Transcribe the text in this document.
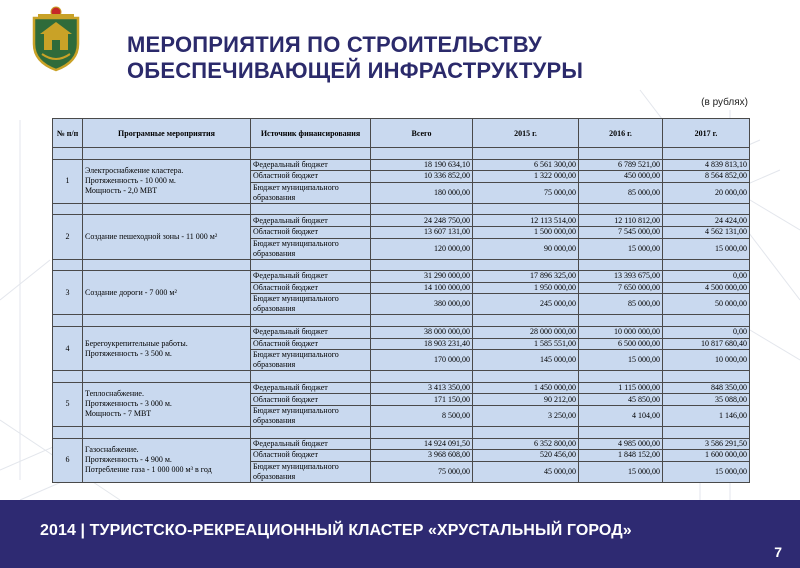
МЕРОПРИЯТИЯ ПО СТРОИТЕЛЬСТВУ
ОБЕСПЕЧИВАЮЩЕЙ ИНФРАСТРУКТУРЫ
(в рублях)
№ п/п	Програмные мероприятия	Источник финансирования	Всего	2015 г.	2016 г.	2017 г.

1	Электроснабжение кластера.
Протяженность - 10 000 м.
Мощность - 2,0 МВТ	Федеральный бюджет	18 190 634,10	6 561 300,00	6 789 521,00	4 839 813,10
		Областной бюджет	10 336 852,00	1 322 000,00	450 000,00	8 564 852,00
		Бюджет муниципального образования	180 000,00	75 000,00	85 000,00	20 000,00

2	Создание пешеходной зоны - 11 000 м²	Федеральный бюджет	24 248 750,00	12 113 514,00	12 110 812,00	24 424,00
		Областной бюджет	13 607 131,00	1 500 000,00	7 545 000,00	4 562 131,00
		Бюджет муниципального образования	120 000,00	90 000,00	15 000,00	15 000,00

3	Создание дороги - 7 000 м²	Федеральный бюджет	31 290 000,00	17 896 325,00	13 393 675,00	0,00
		Областной бюджет	14 100 000,00	1 950 000,00	7 650 000,00	4 500 000,00
		Бюджет муниципального образования	380 000,00	245 000,00	85 000,00	50 000,00

4	Берегоукрепительные работы.
Протяженность - 3 500 м.	Федеральный бюджет	38 000 000,00	28 000 000,00	10 000 000,00	0,00
		Областной бюджет	18 903 231,40	1 585 551,00	6 500 000,00	10 817 680,40
		Бюджет муниципального образования	170 000,00	145 000,00	15 000,00	10 000,00

5	Теплоснабжение.
Протяженность - 3 000 м.
Мощность - 7 МВТ	Федеральный бюджет	3 413 350,00	1 450 000,00	1 115 000,00	848 350,00
		Областной бюджет	171 150,00	90 212,00	45 850,00	35 088,00
		Бюджет муниципального образования	8 500,00	3 250,00	4 104,00	1 146,00

6	Газоснабжение.
Протяженность - 4 900 м.
Потребление газа - 1 000 000 м³ в год	Федеральный бюджет	14 924 091,50	6 352 800,00	4 985 000,00	3 586 291,50
		Областной бюджет	3 968 608,00	520 456,00	1 848 152,00	1 600 000,00
		Бюджет муниципального образования	75 000,00	45 000,00	15 000,00	15 000,00
2014 | ТУРИСТСКО-РЕКРЕАЦИОННЫЙ КЛАСТЕР «ХРУСТАЛЬНЫЙ ГОРОД»
7
